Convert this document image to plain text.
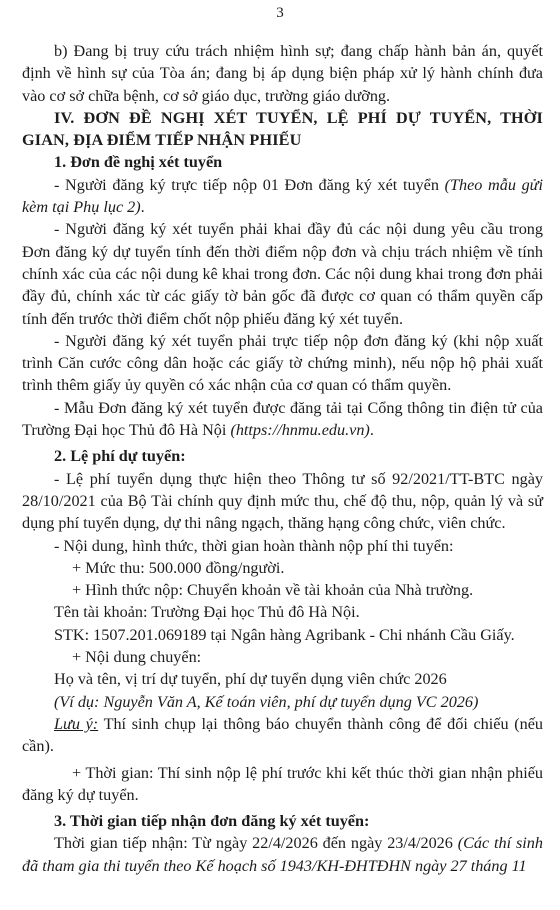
3

b) Đang bị truy cứu trách nhiệm hình sự; đang chấp hành bản án, quyết định về hình sự của Tòa án; đang bị áp dụng biện pháp xử lý hành chính đưa vào cơ sở chữa bệnh, cơ sở giáo dục, trường giáo dưỡng.

IV. ĐƠN ĐỀ NGHỊ XÉT TUYỂN, LỆ PHÍ DỰ TUYỂN, THỜI GIAN, ĐỊA ĐIỂM TIẾP NHẬN PHIẾU

1. Đơn đề nghị xét tuyển

- Người đăng ký trực tiếp nộp 01 Đơn đăng ký xét tuyển (Theo mẫu gửi kèm tại Phụ lục 2).

- Người đăng ký xét tuyển phải khai đầy đủ các nội dung yêu cầu trong Đơn đăng ký dự tuyển tính đến thời điểm nộp đơn và chịu trách nhiệm về tính chính xác của các nội dung kê khai trong đơn. Các nội dung khai trong đơn phải đầy đủ, chính xác từ các giấy tờ bản gốc đã được cơ quan có thẩm quyền cấp tính đến trước thời điểm chốt nộp phiếu đăng ký xét tuyển.

- Người đăng ký xét tuyển phải trực tiếp nộp đơn đăng ký (khi nộp xuất trình Căn cước công dân hoặc các giấy tờ chứng minh), nếu nộp hộ phải xuất trình thêm giấy ủy quyền có xác nhận của cơ quan có thẩm quyền.

- Mẫu Đơn đăng ký xét tuyển được đăng tải tại Cổng thông tin điện tử của Trường Đại học Thủ đô Hà Nội (https://hnmu.edu.vn).

2. Lệ phí dự tuyển:

- Lệ phí tuyển dụng thực hiện theo Thông tư số 92/2021/TT-BTC ngày 28/10/2021 của Bộ Tài chính quy định mức thu, chế độ thu, nộp, quản lý và sử dụng phí tuyển dụng, dự thi nâng ngạch, thăng hạng công chức, viên chức.

- Nội dung, hình thức, thời gian hoàn thành nộp phí thi tuyển:

+ Mức thu: 500.000 đồng/người.

+ Hình thức nộp: Chuyển khoản về tài khoản của Nhà trường.

Tên tài khoản: Trường Đại học Thủ đô Hà Nội.

STK: 1507.201.069189 tại Ngân hàng Agribank - Chi nhánh Cầu Giấy.

+ Nội dung chuyển:

Họ và tên, vị trí dự tuyển, phí dự tuyển dụng viên chức 2026

(Ví dụ: Nguyễn Văn A, Kế toán viên, phí dự tuyển dụng VC 2026)

Lưu ý: Thí sinh chụp lại thông báo chuyển thành công để đối chiếu (nếu cần).

+ Thời gian: Thí sinh nộp lệ phí trước khi kết thúc thời gian nhận phiếu đăng ký dự tuyển.

3. Thời gian tiếp nhận đơn đăng ký xét tuyển:

Thời gian tiếp nhận: Từ ngày 22/4/2026 đến ngày 23/4/2026 (Các thí sinh đã tham gia thi tuyển theo Kế hoạch số 1943/KH-ĐHTĐHN ngày 27 tháng 11
